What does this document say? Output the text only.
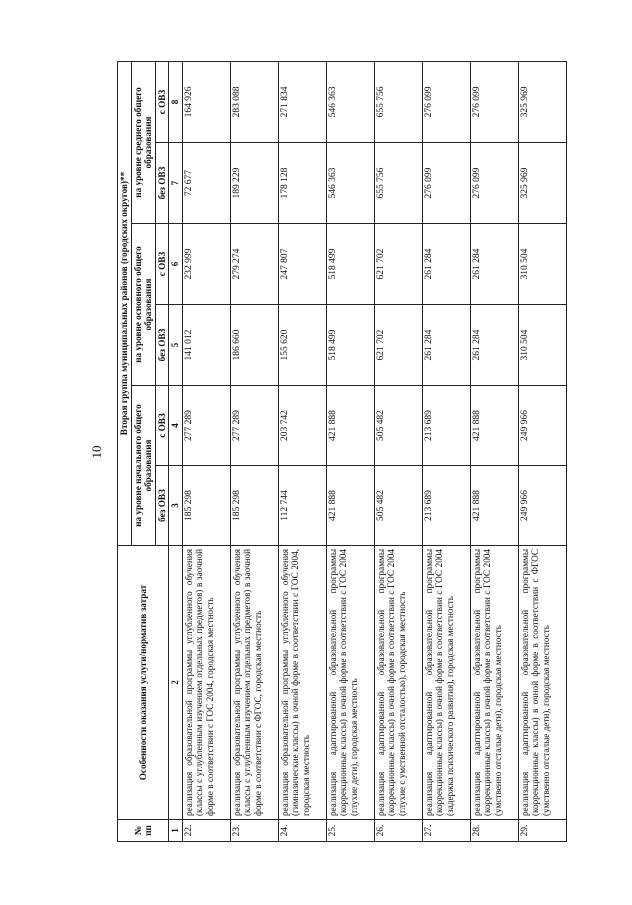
10
№ пп	Особенности оказания услуги/норматив затрат	Вторая группа муниципальных районов (городских округов)**					
		на уровне начального общего образования		на уровне основного общего образования		на уровне среднего общего образования	
		без ОВЗ	с ОВЗ	без ОВЗ	с ОВЗ	без ОВЗ	с ОВЗ
1	2	3	4	5	6	7	8
22.	реализация образовательной программы углубленного обучения (классы с углубленным изучением отдельных предметов) в заочной форме в соответствии с ГОС 2004, городская местность	185 298	277 289	141 012	232 999	72 677	164 926
23.	реализация образовательной программы углубленного обучения (классы с углубленным изучением отдельных предметов) в заочной форме в соответствии с ФГОС, городская местность	185 298	277 289	186 660	279 274	189 229	283 088
24.	реализация образовательной программы углубленного обучения (гимназические классы) в очной форме в соответствии с ГОС 2004, городская местность	112 744	203 742	155 620	247 807	178 128	271 834
25.	реализация адаптированной образовательной программы (коррекционные классы) в очной форме в соответствии с ГОС 2004 (глухие дети), городская местность	421 888	421 888	518 499	518 499	546 363	546 363
26.	реализация адаптированной образовательной программы (коррекционные классы) в очной форме в соответствии с ГОС 2004 (глухие с умственной отсталостью), городская местность	505 482	505 482	621 702	621 702	655 756	655 756
27.	реализация адаптированной образовательной программы (коррекционные классы) в очной форме в соответствии с ГОС 2004 (задержка психического развития), городская местность	213 689	213 689	261 284	261 284	276 099	276 099
28.	реализация адаптированной образовательной программы (коррекционные классы) в очной форме в соответствии с ГОС 2004 (умственно отсталые дети), городская местность	421 888	421 888	261 284	261 284	276 099	276 099
29.	реализация адаптированной образовательной программы (коррекционные классы) в очной форме в соответствии с ФГОС (умственно отсталые дети), городская местность	249 966	249 966	310 504	310 504	325 969	325 969
